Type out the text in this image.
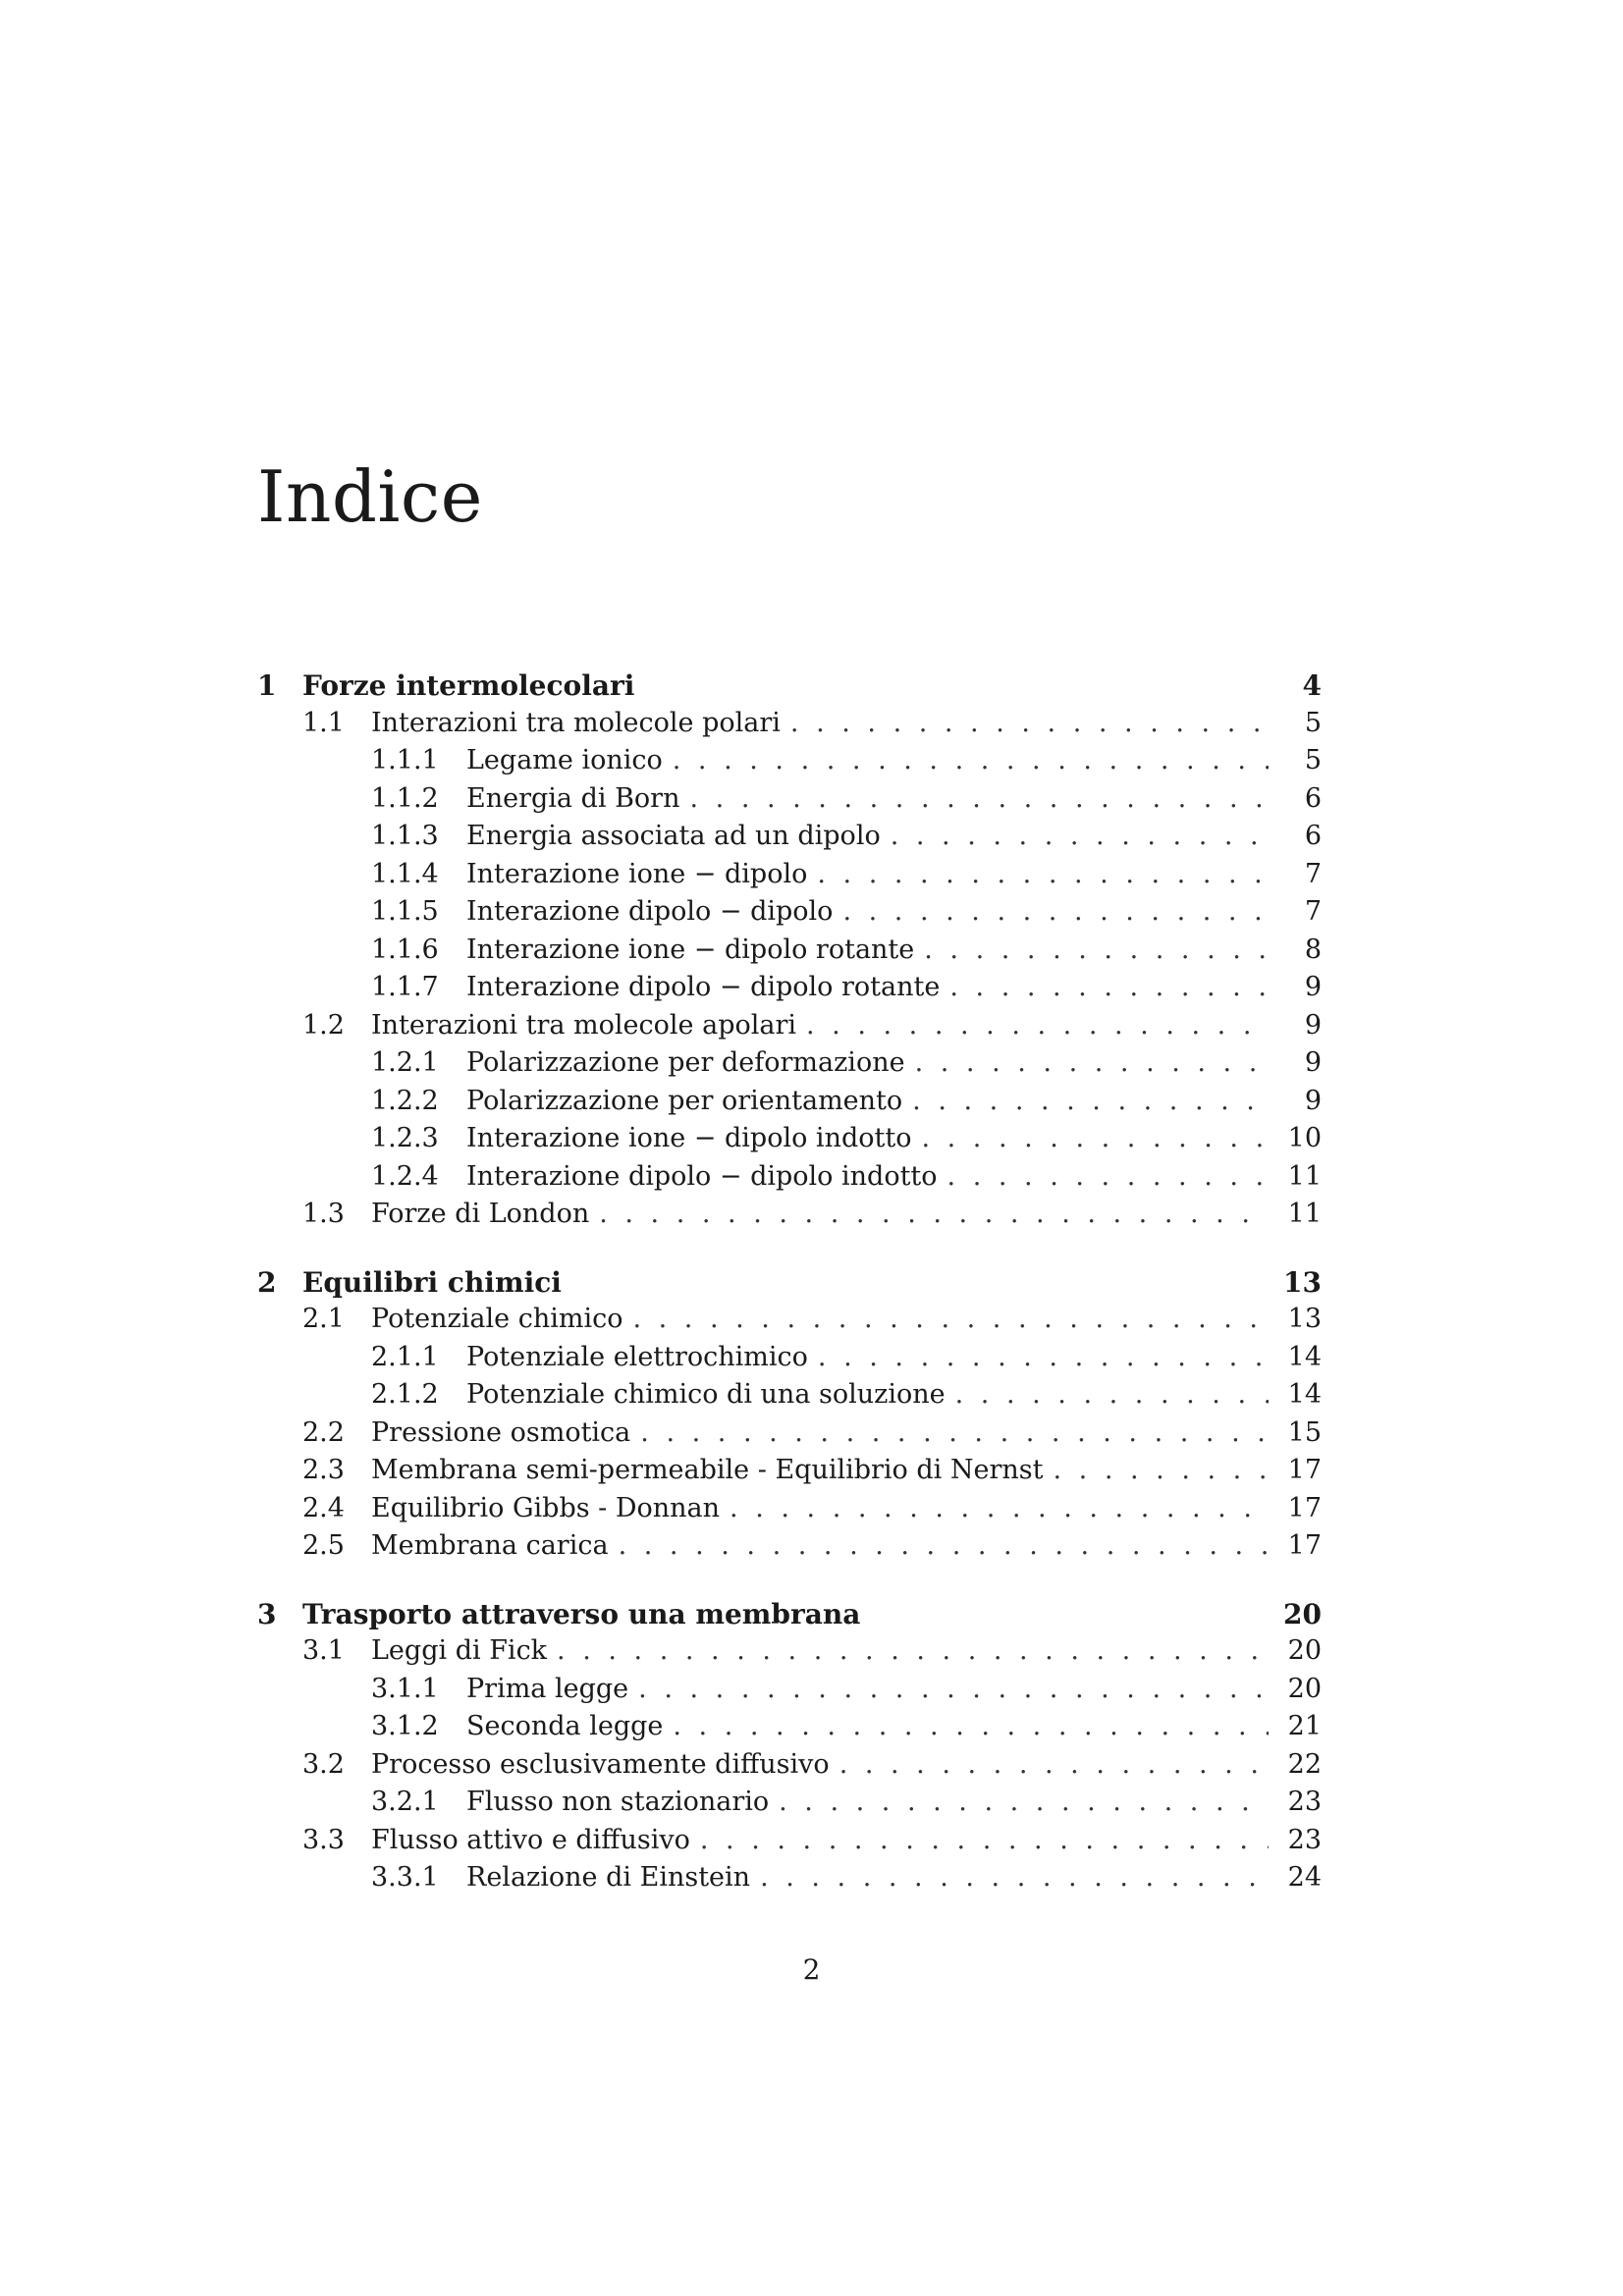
Indice
1 Forze intermolecolari	4
1.1	Interazioni tra molecole polari . . .	5
1.1.1	Legame ionico . . .	5
1.1.2	Energia di Born . . .	6
1.1.3	Energia associata ad un dipolo . . .	6
1.1.4	Interazione ione − dipolo . . .	7
1.1.5	Interazione dipolo − dipolo . . .	7
1.1.6	Interazione ione − dipolo rotante . . .	8
1.1.7	Interazione dipolo − dipolo rotante . . .	9
1.2	Interazioni tra molecole apolari . . .	9
1.2.1	Polarizzazione per deformazione . . .	9
1.2.2	Polarizzazione per orientamento . . .	9
1.2.3	Interazione ione − dipolo indotto . . .	10
1.2.4	Interazione dipolo − dipolo indotto . . .	11
1.3	Forze di London . . .	11
2 Equilibri chimici	13
2.1	Potenziale chimico . . .	13
2.1.1	Potenziale elettrochimico . . .	14
2.1.2	Potenziale chimico di una soluzione . . .	14
2.2	Pressione osmotica . . .	15
2.3	Membrana semi-permeabile - Equilibrio di Nernst . . .	17
2.4	Equilibrio Gibbs - Donnan . . .	17
2.5	Membrana carica . . .	17
3 Trasporto attraverso una membrana	20
3.1	Leggi di Fick . . .	20
3.1.1	Prima legge . . .	20
3.1.2	Seconda legge . . .	21
3.2	Processo esclusivamente diffusivo . . .	22
3.2.1	Flusso non stazionario . . .	23
3.3	Flusso attivo e diffusivo . . .	23
3.3.1	Relazione di Einstein . . .	24
2
